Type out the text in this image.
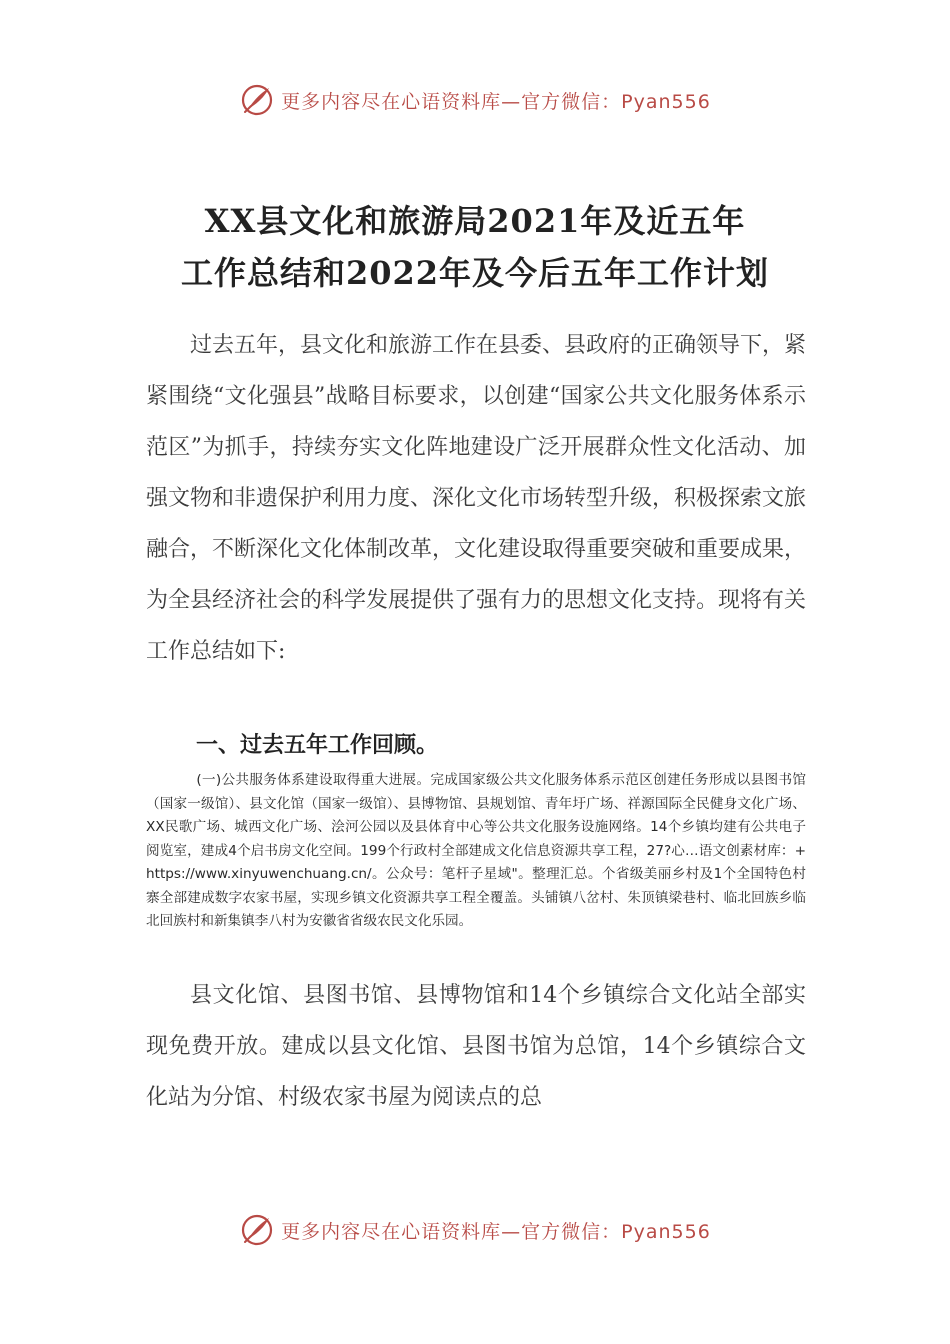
更多内容尽在心语资料库—官方微信：Pyan556
XX县文化和旅游局2021年及近五年
工作总结和2022年及今后五年工作计划

过去五年，县文化和旅游工作在县委、县政府的正确领导下，紧紧围绕“文化强县”战略目标要求，以创建“国家公共文化服务体系示范区”为抓手，持续夯实文化阵地建设广泛开展群众性文化活动、加强文物和非遗保护利用力度、深化文化市场转型升级，积极探索文旅融合，不断深化文化体制改革，文化建设取得重要突破和重要成果，为全县经济社会的科学发展提供了强有力的思想文化支持。现将有关工作总结如下:

一、过去五年工作回顾。

(一)公共服务体系建设取得重大进展。完成国家级公共文化服务体系示范区创建任务形成以县图书馆（国家一级馆）、县文化馆（国家一级馆）、县博物馆、县规划馆、青年圩广场、祥源国际全民健身文化广场、XX民歌广场、城西文化广场、浍河公园以及县体育中心等公共文化服务设施网络。14个乡镇均建有公共电子阅览室，建成4个启书房文化空间。199个行政村全部建成文化信息资源共享工程，27?心…语文创素材库：+https://www.xinyuwenchuang.cn/。公众号：笔杆子星域"。整理汇总。个省级美丽乡村及1个全国特色村寨全部建成数字农家书屋，实现乡镇文化资源共享工程全覆盖。头铺镇八岔村、朱顶镇梁巷村、临北回族乡临北回族村和新集镇李八村为安徽省省级农民文化乐园。

县文化馆、县图书馆、县博物馆和14个乡镇综合文化站全部实现免费开放。建成以县文化馆、县图书馆为总馆，14个乡镇综合文化站为分馆、村级农家书屋为阅读点的总

更多内容尽在心语资料库—官方微信：Pyan556
